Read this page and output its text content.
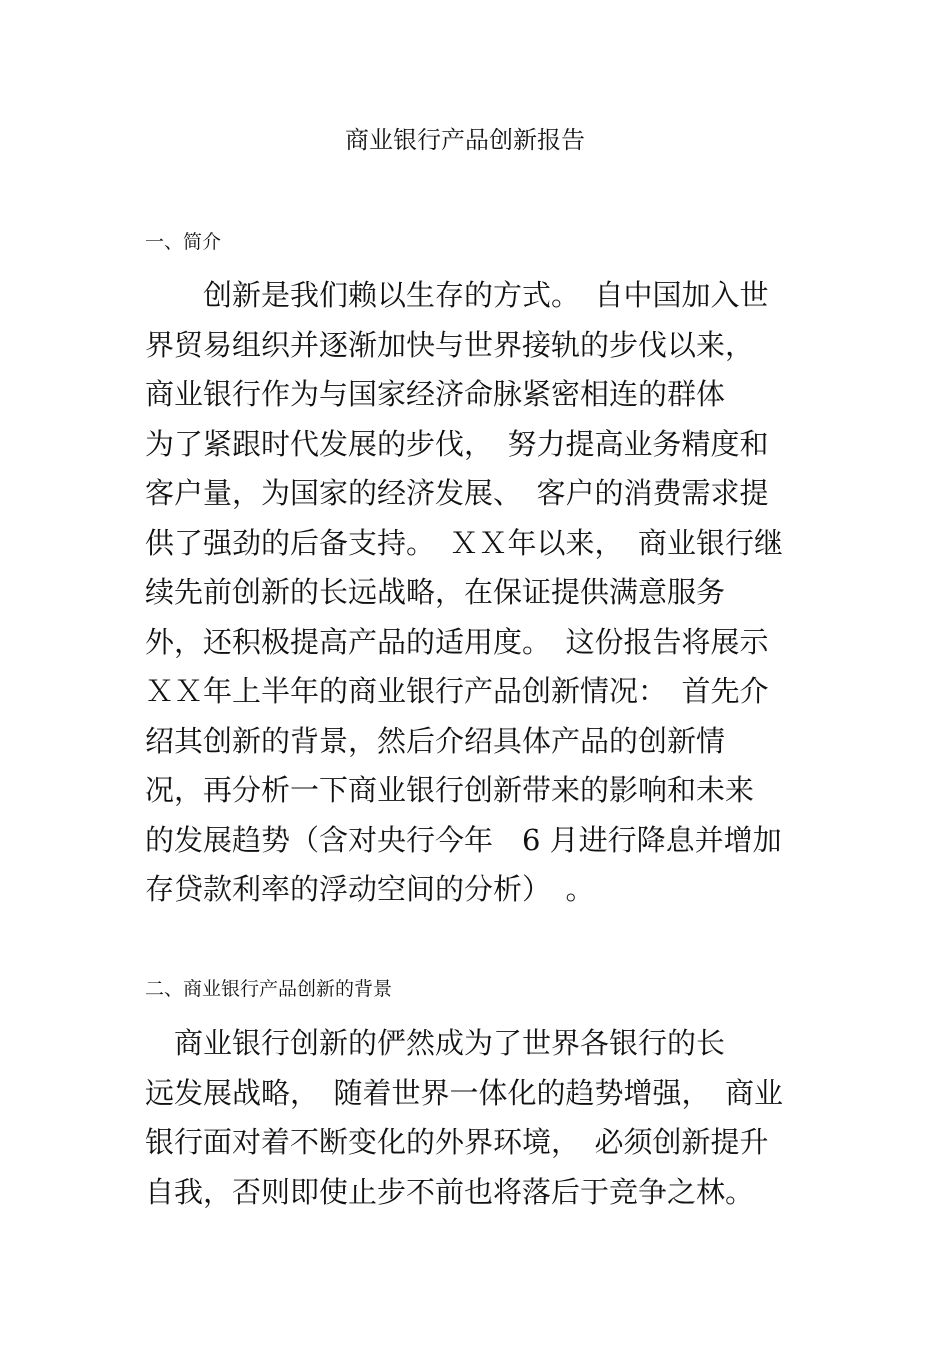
商业银行产品创新报告
一、简介
　　创新是我们赖以生存的方式。　自中国加入世
界贸易组织并逐渐加快与世界接轨的步伐以来，
商业银行作为与国家经济命脉紧密相连的群体
为了紧跟时代发展的步伐，　努力提高业务精度和
客户量，为国家的经济发展、　客户的消费需求提
供了强劲的后备支持。　ＸＸ年以来，　商业银行继
续先前创新的长远战略，在保证提供满意服务
外，还积极提高产品的适用度。　这份报告将展示
ＸＸ年上半年的商业银行产品创新情况：　首先介
绍其创新的背景，然后介绍具体产品的创新情
况，再分析一下商业银行创新带来的影响和未来
的发展趋势（含对央行今年　6 月进行降息并增加
存贷款利率的浮动空间的分析）　。
二、商业银行产品创新的背景
　商业银行创新的俨然成为了世界各银行的长
远发展战略，　随着世界一体化的趋势增强，　商业
银行面对着不断变化的外界环境，　必须创新提升
自我，否则即使止步不前也将落后于竞争之林。
